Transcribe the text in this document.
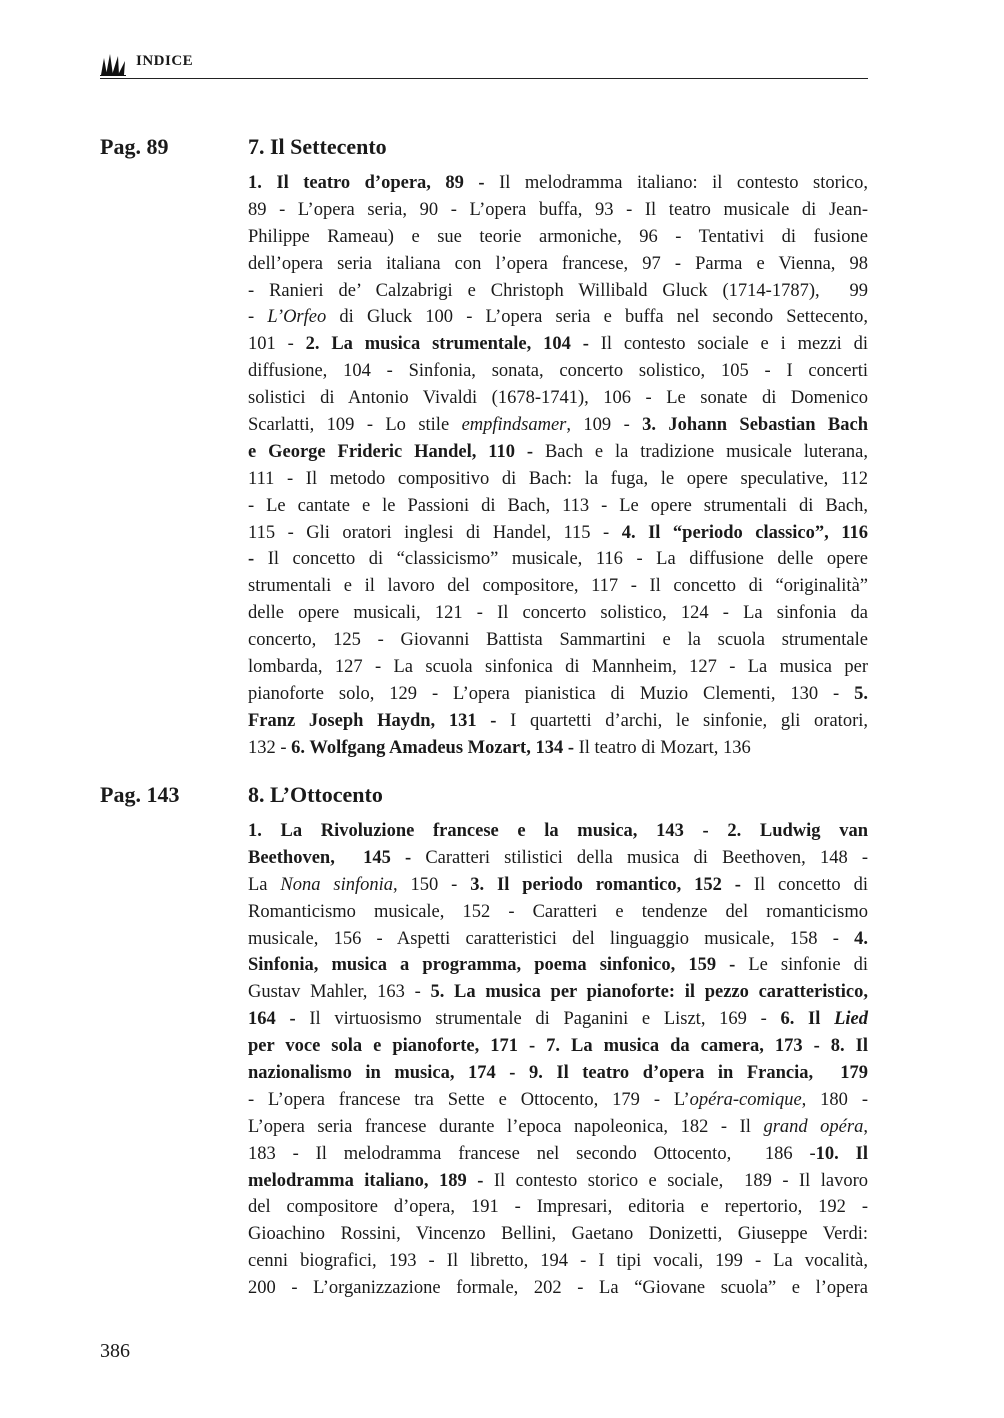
INDICE
Pag. 89	7. Il Settecento
1. Il teatro d’opera, 89 - Il melodramma italiano: il contesto storico,
89 - L’opera seria, 90 - L’opera buffa, 93 - Il teatro musicale di Jean-
Philippe Rameau) e sue teorie armoniche, 96 - Tentativi di fusione
dell’opera seria italiana con l’opera francese, 97 - Parma e Vienna, 98
- Ranieri de’ Calzabrigi e Christoph Willibald Gluck (1714-1787),  99
- L’Orfeo di Gluck 100 - L’opera seria e buffa nel secondo Settecento,
101 - 2. La musica strumentale, 104 - Il contesto sociale e i mezzi di
diffusione, 104 - Sinfonia, sonata, concerto solistico, 105 - I concerti
solistici di Antonio Vivaldi (1678-1741), 106 - Le sonate di Domenico
Scarlatti, 109 - Lo stile empfindsamer, 109 - 3. Johann Sebastian Bach
e George Frideric Handel, 110 - Bach e la tradizione musicale luterana,
111 - Il metodo compositivo di Bach: la fuga, le opere speculative, 112
- Le cantate e le Passioni di Bach, 113 - Le opere strumentali di Bach,
115 - Gli oratori inglesi di Handel, 115 - 4. Il “periodo classico”, 116
- Il concetto di “classicismo” musicale, 116 - La diffusione delle opere
strumentali e il lavoro del compositore, 117 - Il concetto di “originalità”
delle opere musicali, 121 - Il concerto solistico, 124 - La sinfonia da
concerto, 125 - Giovanni Battista Sammartini e la scuola strumentale
lombarda, 127 - La scuola sinfonica di Mannheim, 127 - La musica per
pianoforte solo, 129 - L’opera pianistica di Muzio Clementi, 130 - 5.
Franz Joseph Haydn, 131 - I quartetti d’archi, le sinfonie, gli oratori,
132 - 6. Wolfgang Amadeus Mozart, 134 - Il teatro di Mozart, 136
Pag. 143	8. L’Ottocento
1. La Rivoluzione francese e la musica, 143 - 2. Ludwig van
Beethoven,  145 - Caratteri stilistici della musica di Beethoven, 148 -
La Nona sinfonia, 150 - 3. Il periodo romantico, 152 - Il concetto di
Romanticismo musicale, 152 - Caratteri e tendenze del romanticismo
musicale, 156 - Aspetti caratteristici del linguaggio musicale, 158 - 4.
Sinfonia, musica a programma, poema sinfonico, 159 - Le sinfonie di
Gustav Mahler, 163 - 5. La musica per pianoforte: il pezzo caratteristico,
164 - Il virtuosismo strumentale di Paganini e Liszt, 169 - 6. Il Lied
per voce sola e pianoforte, 171 - 7. La musica da camera, 173 - 8. Il
nazionalismo in musica, 174 - 9. Il teatro d’opera in Francia,  179
- L’opera francese tra Sette e Ottocento, 179 - L’opéra-comique, 180 -
L’opera seria francese durante l’epoca napoleonica, 182 - Il grand opéra,
183 - Il melodramma francese nel secondo Ottocento,  186 -10. Il
melodramma italiano, 189 - Il contesto storico e sociale,  189 - Il lavoro
del compositore d’opera, 191 - Impresari, editoria e repertorio, 192 -
Gioachino Rossini, Vincenzo Bellini, Gaetano Donizetti, Giuseppe Verdi:
cenni biografici, 193 - Il libretto, 194 - I tipi vocali, 199 - La vocalità,
200 - L’organizzazione formale, 202 - La “Giovane scuola” e l’opera
386
